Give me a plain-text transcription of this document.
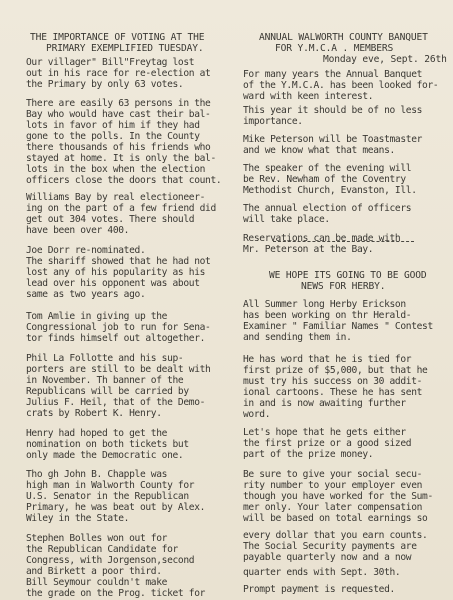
THE IMPORTANCE OF VOTING AT THE
PRIMARY EXEMPLIFIED TUESDAY.
Our villager" Bill"Freytag lost
out in his race for re-election at
the Primary by only 63 votes.
There are easily 63 persons in the
Bay who would have cast their bal-
lots in favor of him if they had
gone to the polls. In the County
there thousands of his friends who
stayed at home. It is only the bal-
lots in the box when the election
officers close the doors that count.
Williams Bay by real electioneer-
ing on the part of a few friend did
get out 304 votes. There should
have been over 400.
Joe Dorr re-nominated.
The shariff showed that he had not
lost any of his popularity as his
lead over his opponent was about
same as two years ago.
Tom Amlie in giving up the
Congressional job to run for Sena-
tor finds himself out altogether.
Phil La Follotte and his sup-
porters are still to be dealt with
in November. Th banner of the
Republicans will be carried by
Julius F. Heil, that of the Demo-
crats by Robert K. Henry.
Henry had hoped to get the
nomination on both tickets but
only made the Democratic one.
Tho gh John B. Chapple was
high man in Walworth County for
U.S. Senator in the Republican
Primary, he was beat out by Alex.
Wiley in the State.
Stephen Bolles won out for
the Republican Candidate for
Congress, with Jorgenson,second
and Birkett a poor third.
ANNUAL WALWORTH COUNTY BANQUET
FOR Y.M.C.A . MEMBERS
Monday eve, Sept. 26th
For many years the Annual Banquet
of the Y.M.C.A. has been looked for-
ward with keen interest.
This year it should be of no less
importance.
Mike Peterson will be Toastmaster
and we know what that means.
The speaker of the evening will
be Rev. Newham of the Coventry
Methodist Church, Evanston, Ill.
The annual election of officers
will take place.
Reservations can be made with
Mr. Peterson at the Bay.
WE HOPE ITS GOING TO BE GOOD
NEWS FOR HERBY.
All Summer long Herby Erickson
has been working on thr Herald-
Examiner " Familiar Names " Contest
and sending them in.
He has word that he is tied for
first prize of $5,000, but that he
must try his success on 30 addit-
ional cartoons. These he has sent
in and is now awaiting further
word.
Let's hope that he gets either
the first prize or a good sized
part of the prize money.
Be sure to give your social secu-
rity number to your employer even
though you have worked for the Sum-
mer only. Your later compensation
will be based on total earnings so
every dollar that you earn counts.
The Social Security payments are
payable quarterly now and a now
quarter ends with Sept. 30th.
Prompt payment is requested.
Bill Seymour couldn't make
the grade on the Prog. ticket for
